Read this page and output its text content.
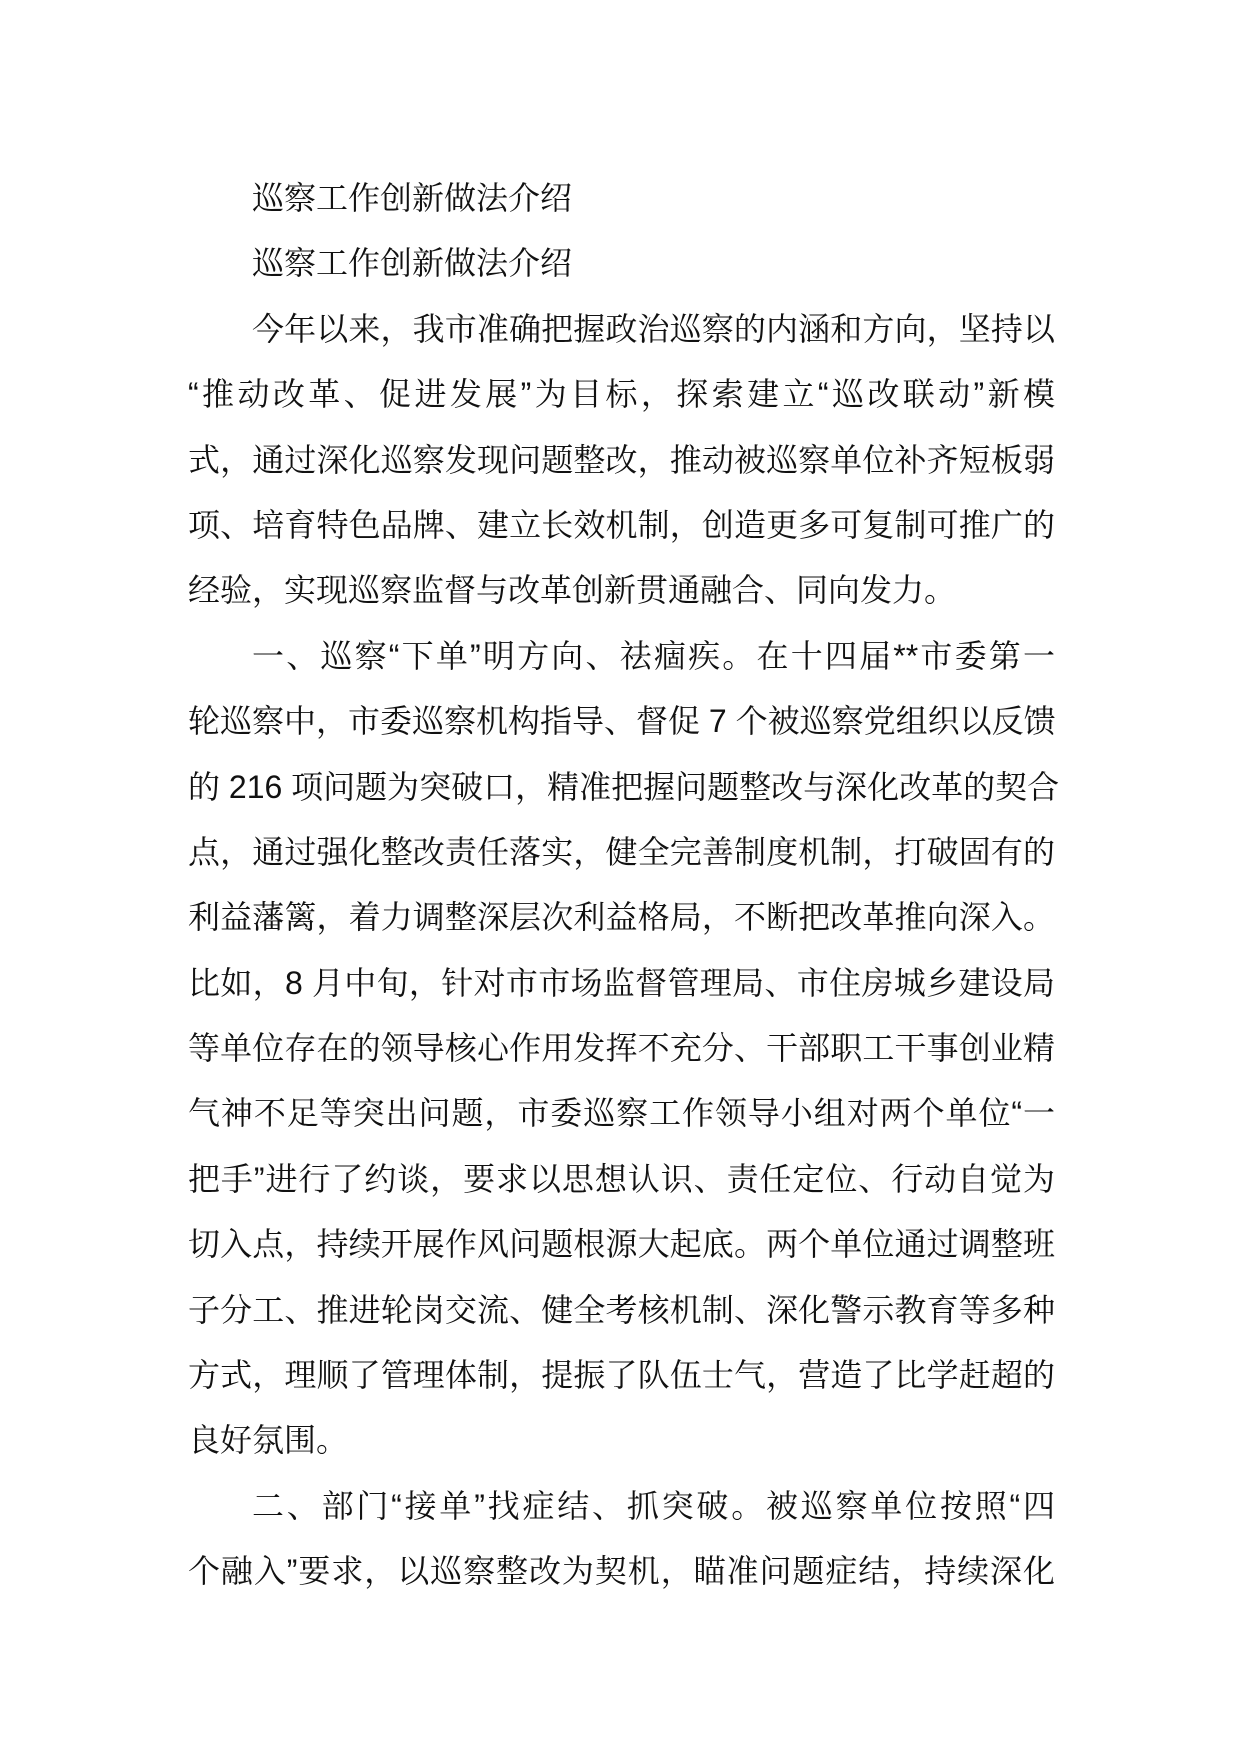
巡察工作创新做法介绍
巡察工作创新做法介绍
今年以来，我市准确把握政治巡察的内涵和方向，坚持以
“推动改革、促进发展”为目标，探索建立“巡改联动”新模
式，通过深化巡察发现问题整改，推动被巡察单位补齐短板弱
项、培育特色品牌、建立长效机制，创造更多可复制可推广的
经验，实现巡察监督与改革创新贯通融合、同向发力。
一、巡察“下单”明方向、祛痼疾。在十四届**市委第一
轮巡察中，市委巡察机构指导、督促 7 个被巡察党组织以反馈
的 216 项问题为突破口，精准把握问题整改与深化改革的契合
点，通过强化整改责任落实，健全完善制度机制，打破固有的
利益藩篱，着力调整深层次利益格局，不断把改革推向深入。
比如，8 月中旬，针对市市场监督管理局、市住房城乡建设局
等单位存在的领导核心作用发挥不充分、干部职工干事创业精
气神不足等突出问题，市委巡察工作领导小组对两个单位“一
把手”进行了约谈，要求以思想认识、责任定位、行动自觉为
切入点，持续开展作风问题根源大起底。两个单位通过调整班
子分工、推进轮岗交流、健全考核机制、深化警示教育等多种
方式，理顺了管理体制，提振了队伍士气，营造了比学赶超的
良好氛围。
二、部门“接单”找症结、抓突破。被巡察单位按照“四
个融入”要求，以巡察整改为契机，瞄准问题症结，持续深化
